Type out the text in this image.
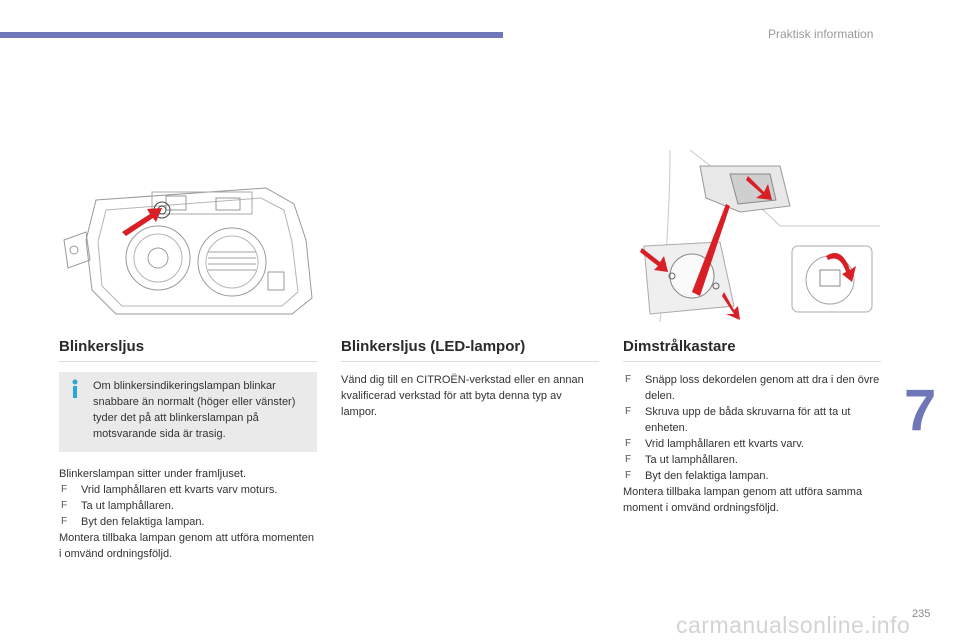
Praktisk information
7
235
carmanualsonline.info
Blinkersljus

Om blinkersindikeringslampan blinkar snabbare än normalt (höger eller vänster) tyder det på att blinkerslampan på motsvarande sida är trasig.

Blinkerslampan sitter under framljuset.

F Vrid lamphållaren ett kvarts varv moturs.
F Ta ut lamphållaren.
F Byt den felaktiga lampan.

Montera tillbaka lampan genom att utföra momenten i omvänd ordningsföljd.

Blinkersljus (LED-lampor)

Vänd dig till en CITROËN-verkstad eller en annan kvalificerad verkstad för att byta denna typ av lampor.

Dimstrålkastare
F Snäpp loss dekordelen genom att dra i den övre delen.
F Skruva upp de båda skruvarna för att ta ut enheten.
F Vrid lamphållaren ett kvarts varv.
F Ta ut lamphållaren.
F Byt den felaktiga lampan.

Montera tillbaka lampan genom att utföra samma moment i omvänd ordningsföljd.
